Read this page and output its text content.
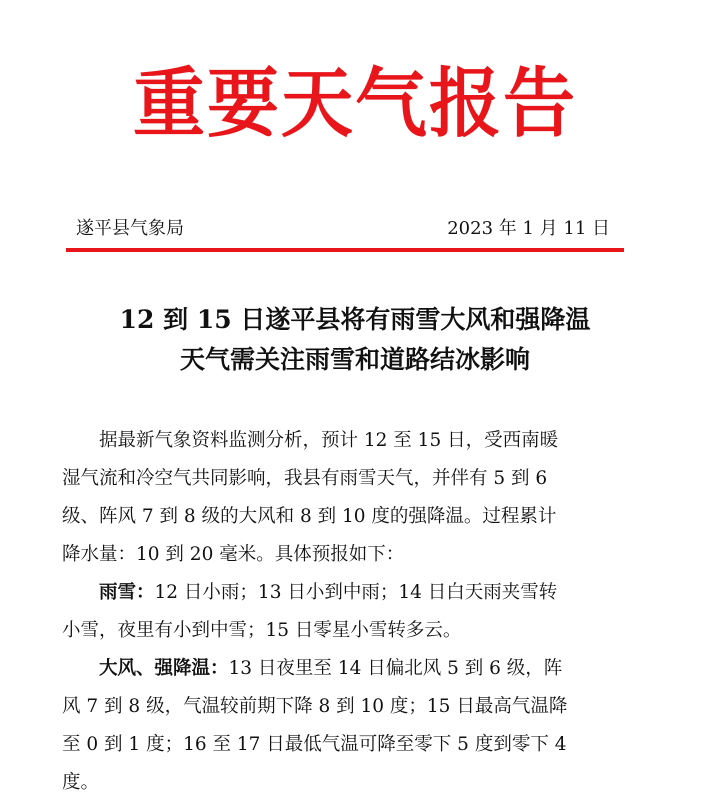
重要天气报告
遂平县气象局	2023 年 1 月 11 日
12 到 15 日遂平县将有雨雪大风和强降温
天气需关注雨雪和道路结冰影响
　　据最新气象资料监测分析，预计 12 至 15 日，受西南暖
湿气流和冷空气共同影响，我县有雨雪天气，并伴有 5 到 6
级、阵风 7 到 8 级的大风和 8 到 10 度的强降温。过程累计
降水量：10 到 20 毫米。具体预报如下：
　　雨雪：12 日小雨；13 日小到中雨；14 日白天雨夹雪转
小雪，夜里有小到中雪；15 日零星小雪转多云。
　　大风、强降温：13 日夜里至 14 日偏北风 5 到 6 级，阵
风 7 到 8 级，气温较前期下降 8 到 10 度；15 日最高气温降
至 0 到 1 度；16 至 17 日最低气温可降至零下 5 度到零下 4
度。
